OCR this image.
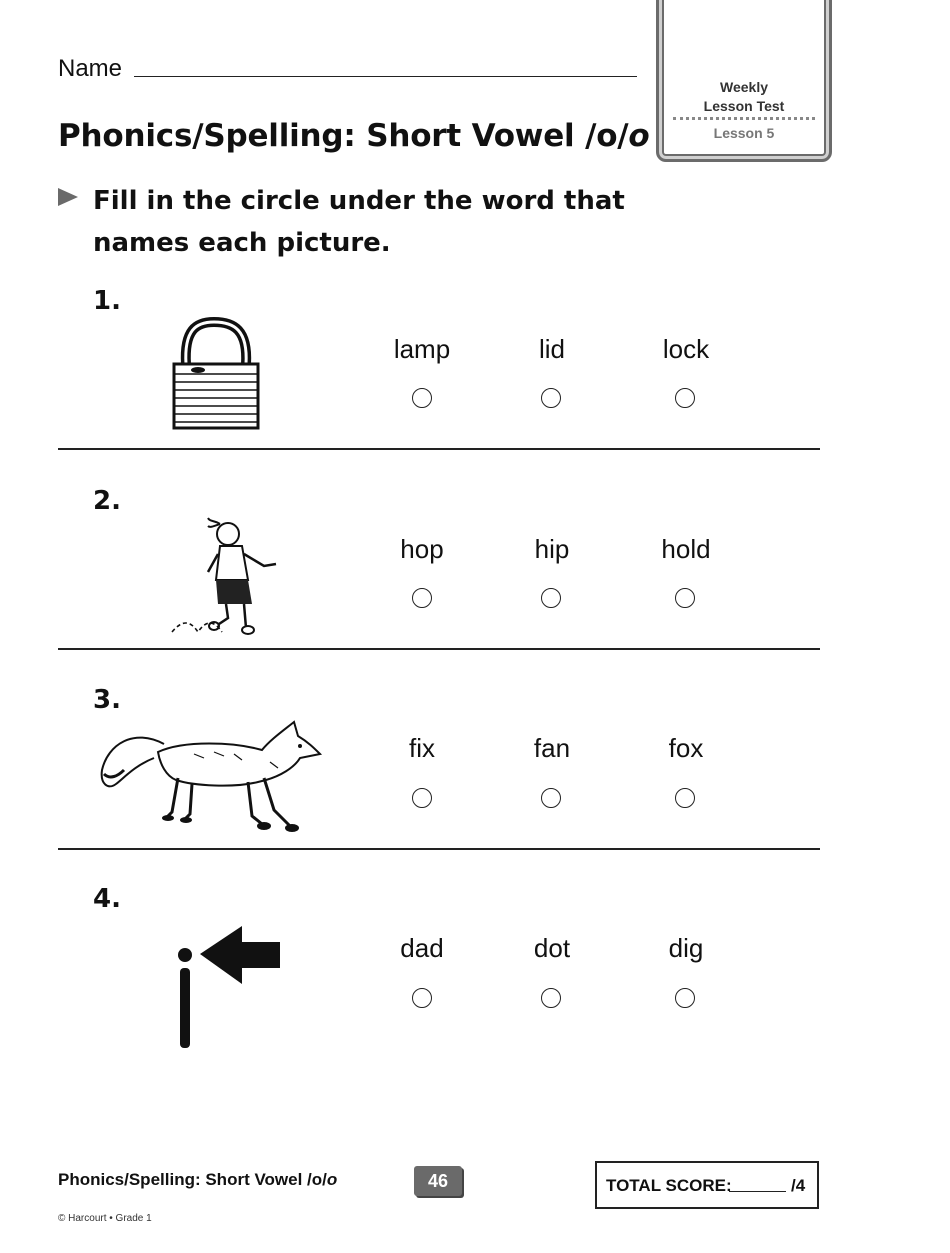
Name
Phonics/Spelling: Short Vowel /o/o
Weekly
Lesson Test
Lesson 5
Fill in the circle under the word that names each picture.
1.
lamp	lid	lock
2.
hop	hip	hold
3.
fix	fan	fox
4.
dad	dot	dig
Phonics/Spelling: Short Vowel /o/o	46	TOTAL SCORE:	/4
© Harcourt • Grade 1
